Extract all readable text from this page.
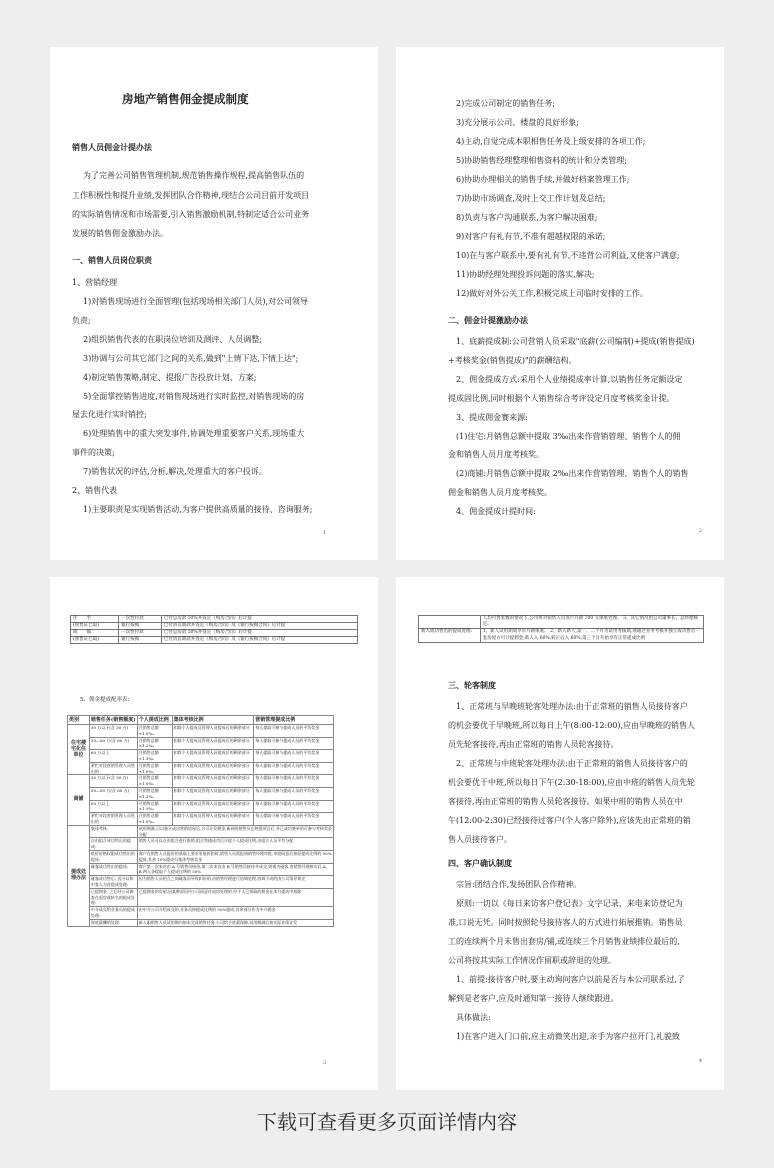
房地产销售佣金提成制度
销售人员佣金计提办法
为了完善公司销售管理机制,规范销售操作规程,提高销售队伍的
工作积极性和提升业绩,发挥团队合作精神,现结合公司目前开发项目
的实际销售情况和市场需要,引入销售激励机制,特制定适合公司业务
发展的销售佣金激励办法。
一、销售人员岗位职责
1、营销经理
1)对销售现场进行全面管理(包括现场相关部门人员),对公司领导
负责;
2)组织销售代表的在职岗位培训及测评、人员调整;
3)协调与公司其它部门之间的关系,做到"上情下达,下情上达";
4)制定销售策略,制定、提报广告投放计划、方案;
5)全面掌控销售进度,对销售现场进行实时监控,对销售现场的房
屋去化进行实时销控;
6)处理销售中的重大突发事件,协调处理重要客户关系,现场重大
事件的决策;
7)销售状况的评估,分析,解决,处理重大的客户投诉。
2、销售代表
1)主要职责是实现销售活动,为客户提供高质量的接待、咨询服务;
1
2)完成公司制定的销售任务;
3)充分展示公司、楼盘的良好形象;
4)主动,自觉完成本职相售任务及上级安排的各项工作;
5)协助销售经理整理相售资料的统计和分类管理;
6)协助办理相关的销售手续,并做好档案管理工作;
7)协助市场调查,及时上交工作计划及总结;
8)负责与客户沟通联系,为客户解决困难;
9)对客户有礼有节,不准有超越权限的承诺;
10)在与客户联系中,要有礼有节,不违背公司利益,又使客户满意;
11)协助经理处理投诉问题的落实,解决;
12)做好对外公关工作,积极完成上司临时安排的工作。
二、佣金计提激励办法
1、底薪提成制:公司营销人员采取"底薪(公司编制)+提成(销售提成)
+考核奖金(销售提成)"的薪酬结构。
2、佣金提成方式:采用个人业绩提成率计算,以销售任务定额设定
提成固比例,同时根据个人销售综合考评设定月度考核奖金计提。
3、提成佣金赛来源:
(1)住宅:月销售总额中提取 3‰出来作营销管理、销售个人的佣
金和销售人员月度考核奖。
(2)商铺:月销售总额中提取 2‰出来作营销管理、销售个人的销售
佣金和销售人员月度考核奖。
4、佣金提成计提时间:
2
住　　宅	一次性付款	已付总房款 50%并签定《购房合同》后计提
(预售证已取)	银行按揭	已付清首期款并签定《购房合同》及《银行按揭合同》后计提
商　　铺	一次性付款	已付总房款 50%并签定《购房合同》后计提
(预售证已取)	银行按揭	已付清首期款并签定《购房合同》及《银行按揭合同》后计提
5、佣金提成配率表:
类别	销售任务(销售额度)	个人提成比例	集体考核比例	营销管理提成比例
住宅楼宅化住单位	30 万以下(含 30 万)	月销售总额 ×1.0‰	扣除个人提成及管理人员提成后的剩余部分	每人提取可参与提成人员的平均奖金
	30—60 万(含 60 万)	月销售总额 ×1.2‰	扣除个人提成及管理人员提成后的剩余部分	每人提取可参与提成人员的平均奖金
	60 万以上	月销售总额 ×1.5‰	扣除个人提成及管理人员提成后的剩余部分	每人提取可参与提成人员的平均奖金
	紧贮对段营销管理人员售出的	月销售总额 ×1.0‰	扣除个人提成及管理人员提成后的剩余部分	每人提取可参与提成人员的平均奖金
商铺	30 万以下(含 30 万)	月销售总额 ×1.0‰	扣除个人提成及管理人员提成后的剩余部分	每人提取可参与提成人员的平均奖金
	30—60 万(含 60 万)	月销售总额 ×1.2‰	扣除个人提成及管理人员提成后的剩余部分	每人提取可参与提成人员的平均奖金
	60 万以上	月销售总额 ×1.5‰	扣除个人提成及管理人员提成后的剩余部分	每人提取可参与提成人员的平均奖金
	紧贮对段营销管理人员售出的	月销售总额 ×1.0‰	扣除个人提成及管理人员提成后的剩余部分	每人提取可参与提成人员的平均奖金
提成处理办法	集体考核:	试用期满,可以独立成功营销房屋后,方可计发佣金,新到的销售员在熟悉项目后,并已成功签单的可参与考核奖金分配		
	自由组合成功售出的提成:	销售人员可以自由组合进行推销,组合售楼成功后计提个人提成比例,由组合人员平均分配		
	低价价格权限成功售出的提成:	客户在销售人员报价的基础上要求更低折扣时,销售人员需报请销售经理审批,审批同意后按原提成比例的 90%提成,其余 10%提成归集体考核奖金		
	碰客成功售出的提成:	客户第一次来访由 A 号销售员接待,第二次来访由 B 号销售员接待并成交,则视为碰客,由销售经理核实后,A、B 两人各提取个人提成比例的 50%		
	碰客成功售后, 因分以和中客人为首提成处理:	因为销售人员相互之间碰客而导致纠纷的,由销售经理进行协调处理,协调不成的由公司领导裁定		
	已提佣金, 之后经公司调查在退房或转名的提成处理:	已提佣金的房屋,因某种原因经公司同意作退房处理的,经手人已领取的佣金在本月提成中扣除		
	中介成交给业务员的提成处理:	由中介公司介绍成交的,业务员按提成比例的 50%提成,其余部分作为中介佣金		
	保底薪酬的处理:	新入职销售人员试用期内如未完成销售任务,公司给予底薪保障,试用期满后按实际业绩计发		
3
	人均可售套数的情况下,公司将对销售人员进行月薪 700 元保底处理。 3、其它情况由公司董事长、总经理核定。
新入成功售出的提成处理:	1、新人试用期间享有月薪保底。 2、新人新人,第一、二个月为试用考核期,须通过业务考核并独立成功售出一套房屋方可计提佣金;新人入 60%,转正后入 60%,第三个月开始享有正常提成比例
三、轮客制度
1、正常班与早晚班轮客处理办法:由于正常班的销售人员接待客户
的机会要优于早晚班,所以每日上午(8:00-12:00),应由早晚班的销售人
员先轮客接待,再由正常班的销售人员轮客接待。
2、正常班与中班轮客处理办法:由于正常班的销售人员接待客户的
机会要优于中班,所以每日下午(2:30-18:00),应由中班的销售人员先轮
客接待,再由正常班的销售人员轮客接待。如果中班的销售人员在中
午(12:00-2:30)已经接待过客户(个人客户除外),应该先由正常班的销
售人员接待客户。
四、客户确认制度
宗旨:团结合作,发扬团队合作精神。
原则:一切以《每日来访客户登记表》文字记录、来电来访登记为
准,口说无凭。同时按照轮号接待客人的方式进行拓展推销。销售员
工的连续两个月未售出套房/铺,或连续三个月销售业绩排位最后的,
公司将按其实际工作情况作留职或辞退的处理。
1、前提:接待客户时,要主动询问客户以前是否与本公司联系过,了
解到是老客户,应及时通知第一接待人继续跟进。
具体做法:
1)在客户进入门口前,应主动微笑出迎,亲手为客户拉开门,礼貌致
4
下载可查看更多页面详情内容
